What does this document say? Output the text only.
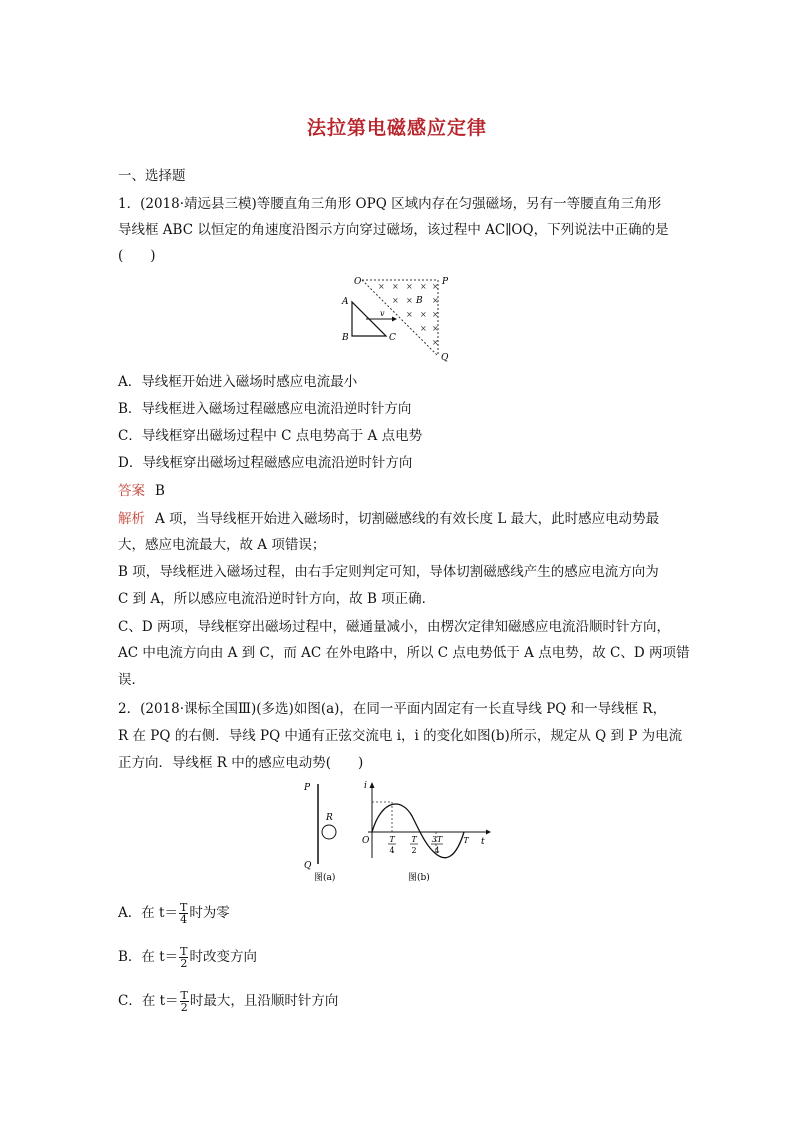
法拉第电磁感应定律
一、选择题
1．(2018·靖远县三模)等腰直角三角形 OPQ 区域内存在匀强磁场，另有一等腰直角三角形
导线框 ABC 以恒定的角速度沿图示方向穿过磁场，该过程中 AC∥OQ，下列说法中正确的是
(　　)
O	P
Q
× × × × ×
× × ×
× × ×
× ×
×
B
A
B	C
v
A．导线框开始进入磁场时感应电流最小
B．导线框进入磁场过程磁感应电流沿逆时针方向
C．导线框穿出磁场过程中 C 点电势高于 A 点电势
D．导线框穿出磁场过程磁感应电流沿逆时针方向
答案 B
解析 A 项，当导线框开始进入磁场时，切割磁感线的有效长度 L 最大，此时感应电动势最
大，感应电流最大，故 A 项错误；
B 项，导线框进入磁场过程，由右手定则判定可知，导体切割磁感线产生的感应电流方向为
C 到 A，所以感应电流沿逆时针方向，故 B 项正确．
C、D 两项，导线框穿出磁场过程中，磁通量减小，由楞次定律知磁感应电流沿顺时针方向，
AC 中电流方向由 A 到 C，而 AC 在外电路中，所以 C 点电势低于 A 点电势，故 C、D 两项错
误．
2．(2018·课标全国Ⅲ)(多选)如图(a)，在同一平面内固定有一长直导线 PQ 和一导线框 R，
R 在 PQ 的右侧．导线 PQ 中通有正弦交流电 i，i 的变化如图(b)所示，规定从 Q 到 P 为电流
正方向．导线框 R 中的感应电动势(　　)
P
Q
R
图(a)
i
O	t
T
4
T
2
3T
4
T
图(b)
A．在 $t= \frac{T}{4}$ 时为零
B．在 $t= \frac{T}{2}$ 时改变方向
C．在 $t= \frac{T}{2}$ 时最大，且沿顺时针方向
